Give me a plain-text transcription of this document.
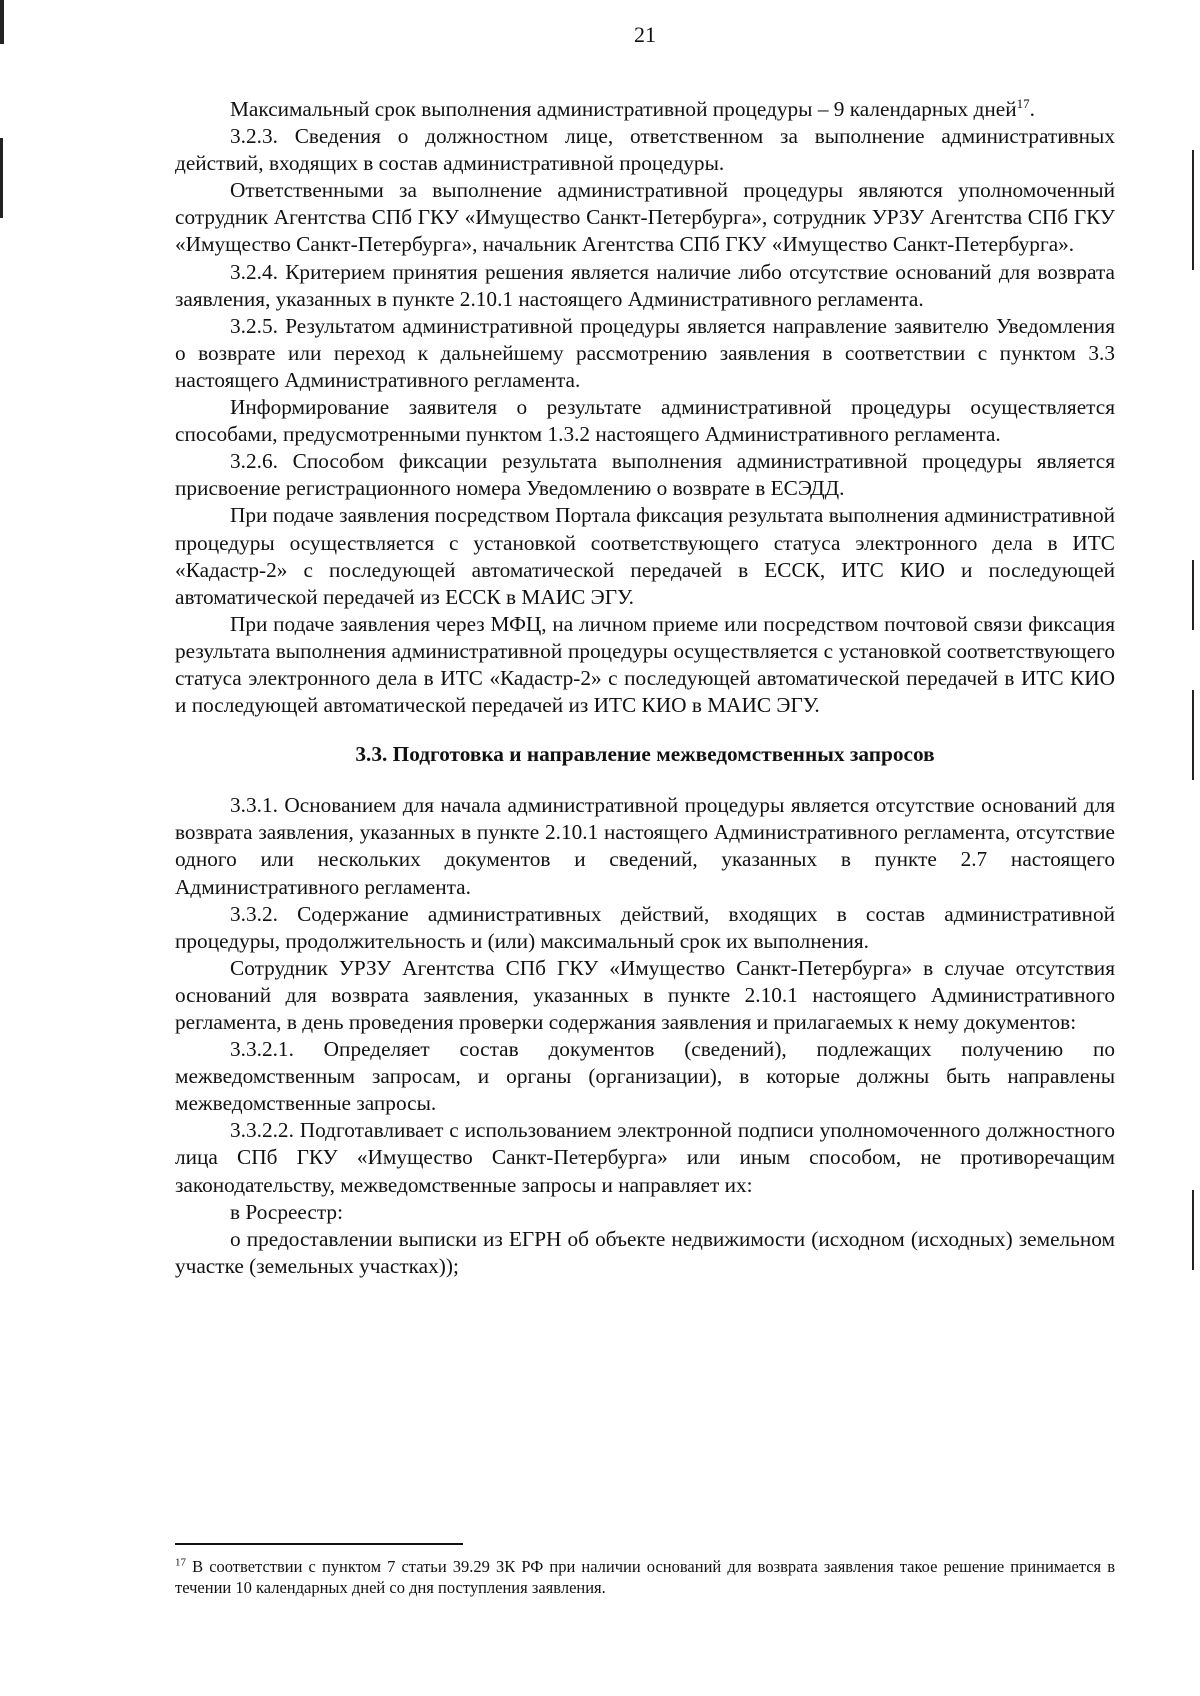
21

Максимальный срок выполнения административной процедуры – 9 календарных дней$^{17}$.

3.2.3. Сведения о должностном лице, ответственном за выполнение административных действий, входящих в состав административной процедуры.

Ответственными за выполнение административной процедуры являются уполномоченный сотрудник Агентства СПб ГКУ «Имущество Санкт-Петербурга», сотрудник УРЗУ Агентства СПб ГКУ «Имущество Санкт-Петербурга», начальник Агентства СПб ГКУ «Имущество Санкт-Петербурга».

3.2.4. Критерием принятия решения является наличие либо отсутствие оснований для возврата заявления, указанных в пункте 2.10.1 настоящего Административного регламента.

3.2.5. Результатом административной процедуры является направление заявителю Уведомления о возврате или переход к дальнейшему рассмотрению заявления в соответствии с пунктом 3.3 настоящего Административного регламента.

Информирование заявителя о результате административной процедуры осуществляется способами, предусмотренными пунктом 1.3.2 настоящего Административного регламента.

3.2.6. Способом фиксации результата выполнения административной процедуры является присвоение регистрационного номера Уведомлению о возврате в ЕСЭДД.

При подаче заявления посредством Портала фиксация результата выполнения административной процедуры осуществляется с установкой соответствующего статуса электронного дела в ИТС «Кадастр-2» с последующей автоматической передачей в ЕССК, ИТС КИО и последующей автоматической передачей из ЕССК в МАИС ЭГУ.

При подаче заявления через МФЦ, на личном приеме или посредством почтовой связи фиксация результата выполнения административной процедуры осуществляется с установкой соответствующего статуса электронного дела в ИТС «Кадастр-2» с последующей автоматической передачей в ИТС КИО и последующей автоматической передачей из ИТС КИО в МАИС ЭГУ.

3.3. Подготовка и направление межведомственных запросов

3.3.1. Основанием для начала административной процедуры является отсутствие оснований для возврата заявления, указанных в пункте 2.10.1 настоящего Административного регламента, отсутствие одного или нескольких документов и сведений, указанных в пункте 2.7 настоящего Административного регламента.

3.3.2. Содержание административных действий, входящих в состав административной процедуры, продолжительность и (или) максимальный срок их выполнения.

Сотрудник УРЗУ Агентства СПб ГКУ «Имущество Санкт-Петербурга» в случае отсутствия оснований для возврата заявления, указанных в пункте 2.10.1 настоящего Административного регламента, в день проведения проверки содержания заявления и прилагаемых к нему документов:

3.3.2.1. Определяет состав документов (сведений), подлежащих получению по межведомственным запросам, и органы (организации), в которые должны быть направлены межведомственные запросы.

3.3.2.2. Подготавливает с использованием электронной подписи уполномоченного должностного лица СПб ГКУ «Имущество Санкт-Петербурга» или иным способом, не противоречащим законодательству, межведомственные запросы и направляет их:

в Росреестр:

о предоставлении выписки из ЕГРН об объекте недвижимости (исходном (исходных) земельном участке (земельных участках));

$^{17}$ В соответствии с пунктом 7 статьи 39.29 ЗК РФ при наличии оснований для возврата заявления такое решение принимается в течении 10 календарных дней со дня поступления заявления.
